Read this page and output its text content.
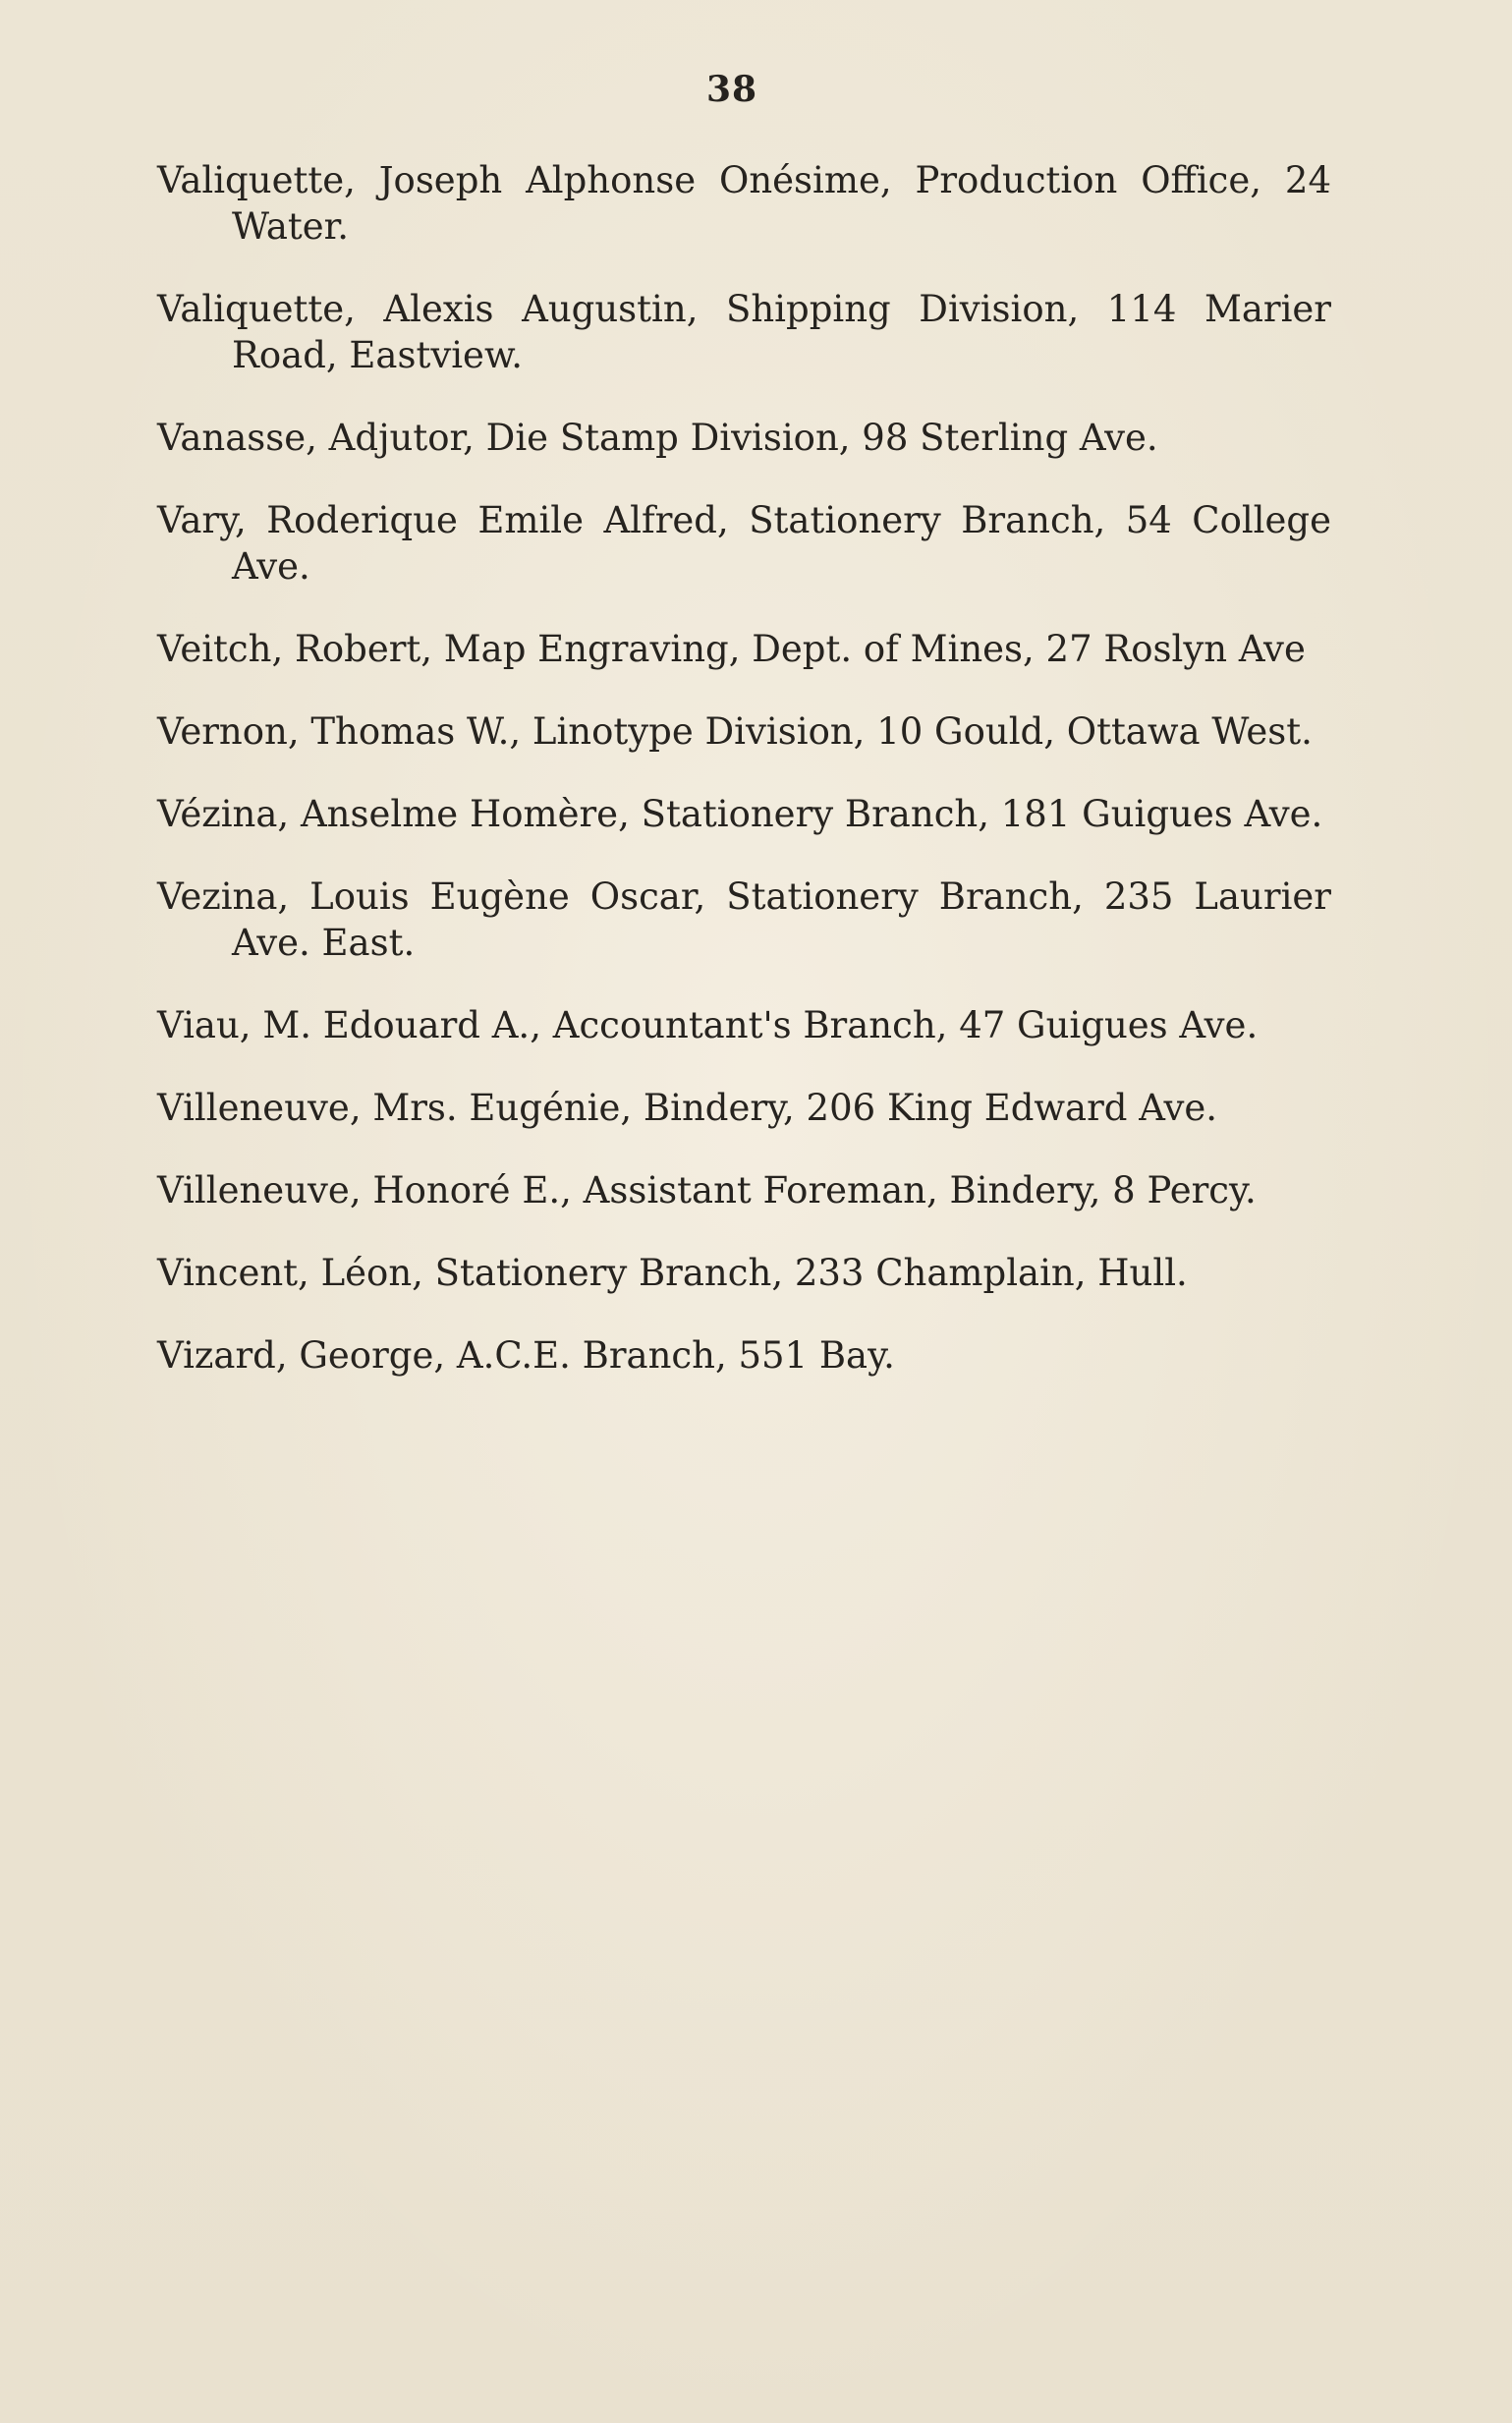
38

Valiquette, Joseph Alphonse Onésime, Production Office, 24 Water.

Valiquette, Alexis Augustin, Shipping Division, 114 Marier Road, Eastview.

Vanasse, Adjutor, Die Stamp Division, 98 Sterling Ave.

Vary, Roderique Emile Alfred, Stationery Branch, 54 College Ave.

Veitch, Robert, Map Engraving, Dept. of Mines, 27 Roslyn Ave

Vernon, Thomas W., Linotype Division, 10 Gould, Ottawa West.

Vézina, Anselme Homère, Stationery Branch, 181 Guigues Ave.

Vezina, Louis Eugène Oscar, Stationery Branch, 235 Laurier Ave. East.

Viau, M. Edouard A., Accountant's Branch, 47 Guigues Ave.

Villeneuve, Mrs. Eugénie, Bindery, 206 King Edward Ave.

Villeneuve, Honoré E., Assistant Foreman, Bindery, 8 Percy.

Vincent, Léon, Stationery Branch, 233 Champlain, Hull.

Vizard, George, A.C.E. Branch, 551 Bay.
